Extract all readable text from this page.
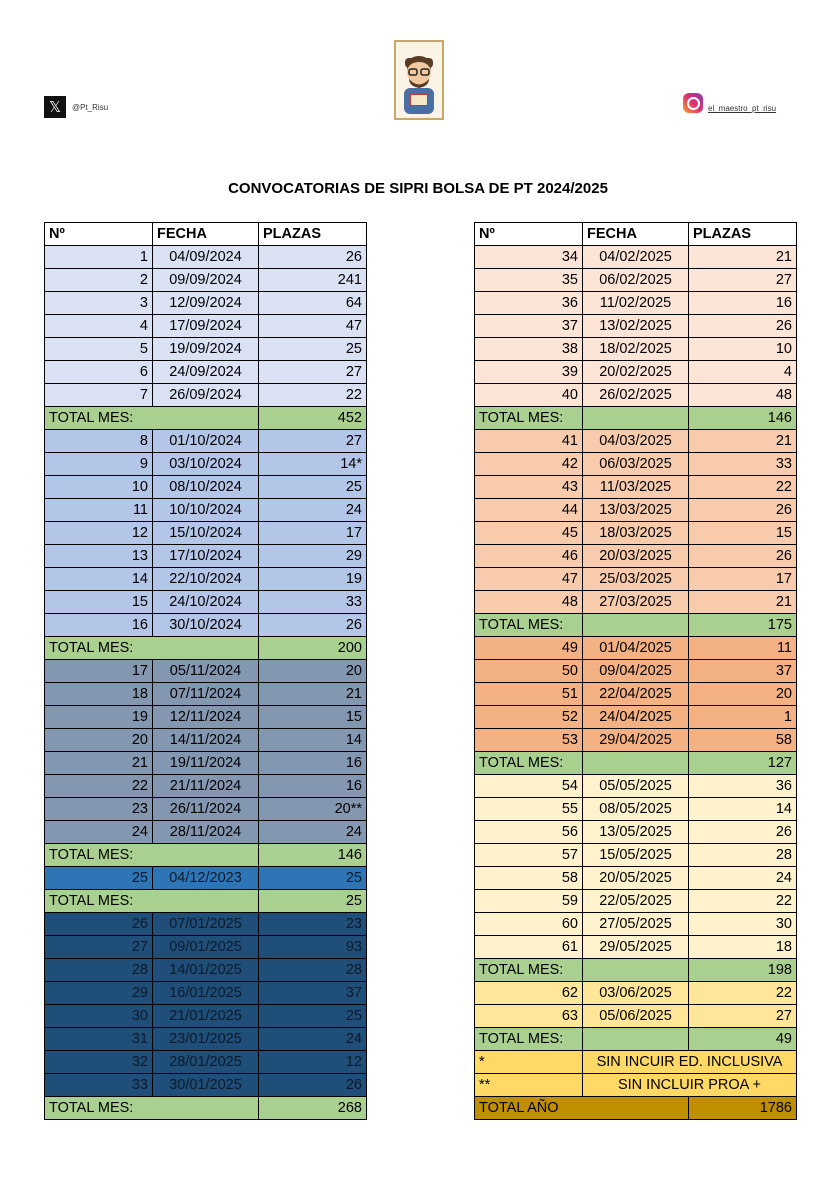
𝕏	@Pt_Risu	el_maestro_pt_risu
CONVOCATORIAS DE SIPRI BOLSA DE PT 2024/2025
Nº	FECHA	PLAZAS
1	04/09/2024	26
2	09/09/2024	241
3	12/09/2024	64
4	17/09/2024	47
5	19/09/2024	25
6	24/09/2024	27
7	26/09/2024	22
TOTAL MES:		452
8	01/10/2024	27
9	03/10/2024	14*
10	08/10/2024	25
11	10/10/2024	24
12	15/10/2024	17
13	17/10/2024	29
14	22/10/2024	19
15	24/10/2024	33
16	30/10/2024	26
TOTAL MES:		200
17	05/11/2024	20
18	07/11/2024	21
19	12/11/2024	15
20	14/11/2024	14
21	19/11/2024	16
22	21/11/2024	16
23	26/11/2024	20**
24	28/11/2024	24
TOTAL MES:		146
25	04/12/2023	25
TOTAL MES:		25
26	07/01/2025	23
27	09/01/2025	93
28	14/01/2025	28
29	16/01/2025	37
30	21/01/2025	25
31	23/01/2025	24
32	28/01/2025	12
33	30/01/2025	26
TOTAL MES:		268
Nº	FECHA	PLAZAS
34	04/02/2025	21
35	06/02/2025	27
36	11/02/2025	16
37	13/02/2025	26
38	18/02/2025	10
39	20/02/2025	4
40	26/02/2025	48
TOTAL MES:		146
41	04/03/2025	21
42	06/03/2025	33
43	11/03/2025	22
44	13/03/2025	26
45	18/03/2025	15
46	20/03/2025	26
47	25/03/2025	17
48	27/03/2025	21
TOTAL MES:		175
49	01/04/2025	11
50	09/04/2025	37
51	22/04/2025	20
52	24/04/2025	1
53	29/04/2025	58
TOTAL MES:		127
54	05/05/2025	36
55	08/05/2025	14
56	13/05/2025	26
57	15/05/2025	28
58	20/05/2025	24
59	22/05/2025	22
60	27/05/2025	30
61	29/05/2025	18
TOTAL MES:		198
62	03/06/2025	22
63	05/06/2025	27
TOTAL MES:		49
*	SIN INCUIR ED. INCLUSIVA	
**	SIN INCLUIR PROA +	
TOTAL AÑO		1786
